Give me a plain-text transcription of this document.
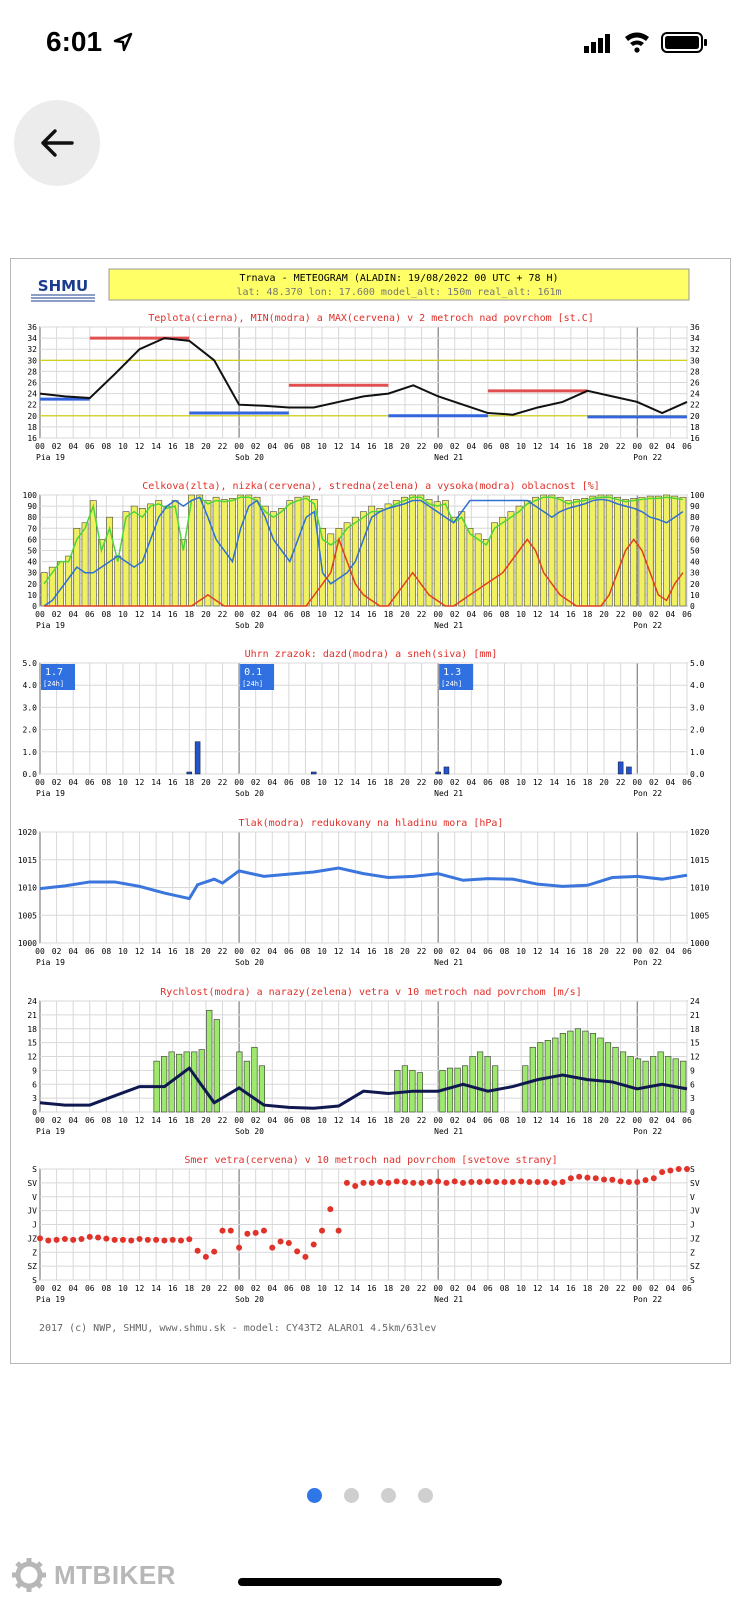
6:01
Trnava - METEOGRAM (ALADIN: 19/08/2022 00 UTC + 78 H)
lat: 48.370 lon: 17.600 model_alt: 150m real_alt: 161m
SHMU
Teplota(cierna), MIN(modra) a MAX(cervena) v 2 metroch nad povrchom [st.C]
16	16
18	18
20	20
22	22
24	24
26	26
28	28
30	30
32	32
34	34
36	36
00 02 04 06 08 10 12 14 16 18 20 22 00 02 04 06 08 10 12 14 16 18 20 22 00 02 04 06 08 10 12 14 16 18 20 22 00 02 04 06
Pia 19	Sob 20	Ned 21	Pon 22
Celkova(zlta), nizka(cervena), stredna(zelena) a vysoka(modra) oblacnost [%]
0	0
10	10
20	20
30	30
40	40
50	50
60	60
70	70
80	80
90	90
100	100
00 02 04 06 08 10 12 14 16 18 20 22 00 02 04 06 08 10 12 14 16 18 20 22 00 02 04 06 08 10 12 14 16 18 20 22 00 02 04 06
Pia 19	Sob 20	Ned 21	Pon 22
Uhrn zrazok: dazd(modra) a sneh(siva) [mm]
0.0	0.0
1.0	1.0
2.0	2.0
3.0	3.0
4.0	4.0
5.0	5.0
00 02 04 06 08 10 12 14 16 18 20 22 00 02 04 06 08 10 12 14 16 18 20 22 00 02 04 06 08 10 12 14 16 18 20 22 00 02 04 06
Pia 19	Sob 20	Ned 21	Pon 22
1.7
[24h]
0.1
[24h]
1.3
[24h]
Tlak(modra) redukovany na hladinu mora [hPa]
1000	1000
1005	1005
1010	1010
1015	1015
1020	1020
00 02 04 06 08 10 12 14 16 18 20 22 00 02 04 06 08 10 12 14 16 18 20 22 00 02 04 06 08 10 12 14 16 18 20 22 00 02 04 06
Pia 19	Sob 20	Ned 21	Pon 22
Rychlost(modra) a narazy(zelena) vetra v 10 metroch nad povrchom [m/s]
0	0
3	3
6	6
9	9
12	12
15	15
18	18
21	21
24	24
00 02 04 06 08 10 12 14 16 18 20 22 00 02 04 06 08 10 12 14 16 18 20 22 00 02 04 06 08 10 12 14 16 18 20 22 00 02 04 06
Pia 19	Sob 20	Ned 21	Pon 22
Smer vetra(cervena) v 10 metroch nad povrchom [svetove strany]
S	S
SZ	SZ
Z	Z
JZ	JZ
J	J
JV	JV
V	V
SV	SV
S	S
00 02 04 06 08 10 12 14 16 18 20 22 00 02 04 06 08 10 12 14 16 18 20 22 00 02 04 06 08 10 12 14 16 18 20 22 00 02 04 06
Pia 19	Sob 20	Ned 21	Pon 22
2017 (c) NWP, SHMU, www.shmu.sk - model: CY43T2 ALARO1 4.5km/63lev
MTBIKER
